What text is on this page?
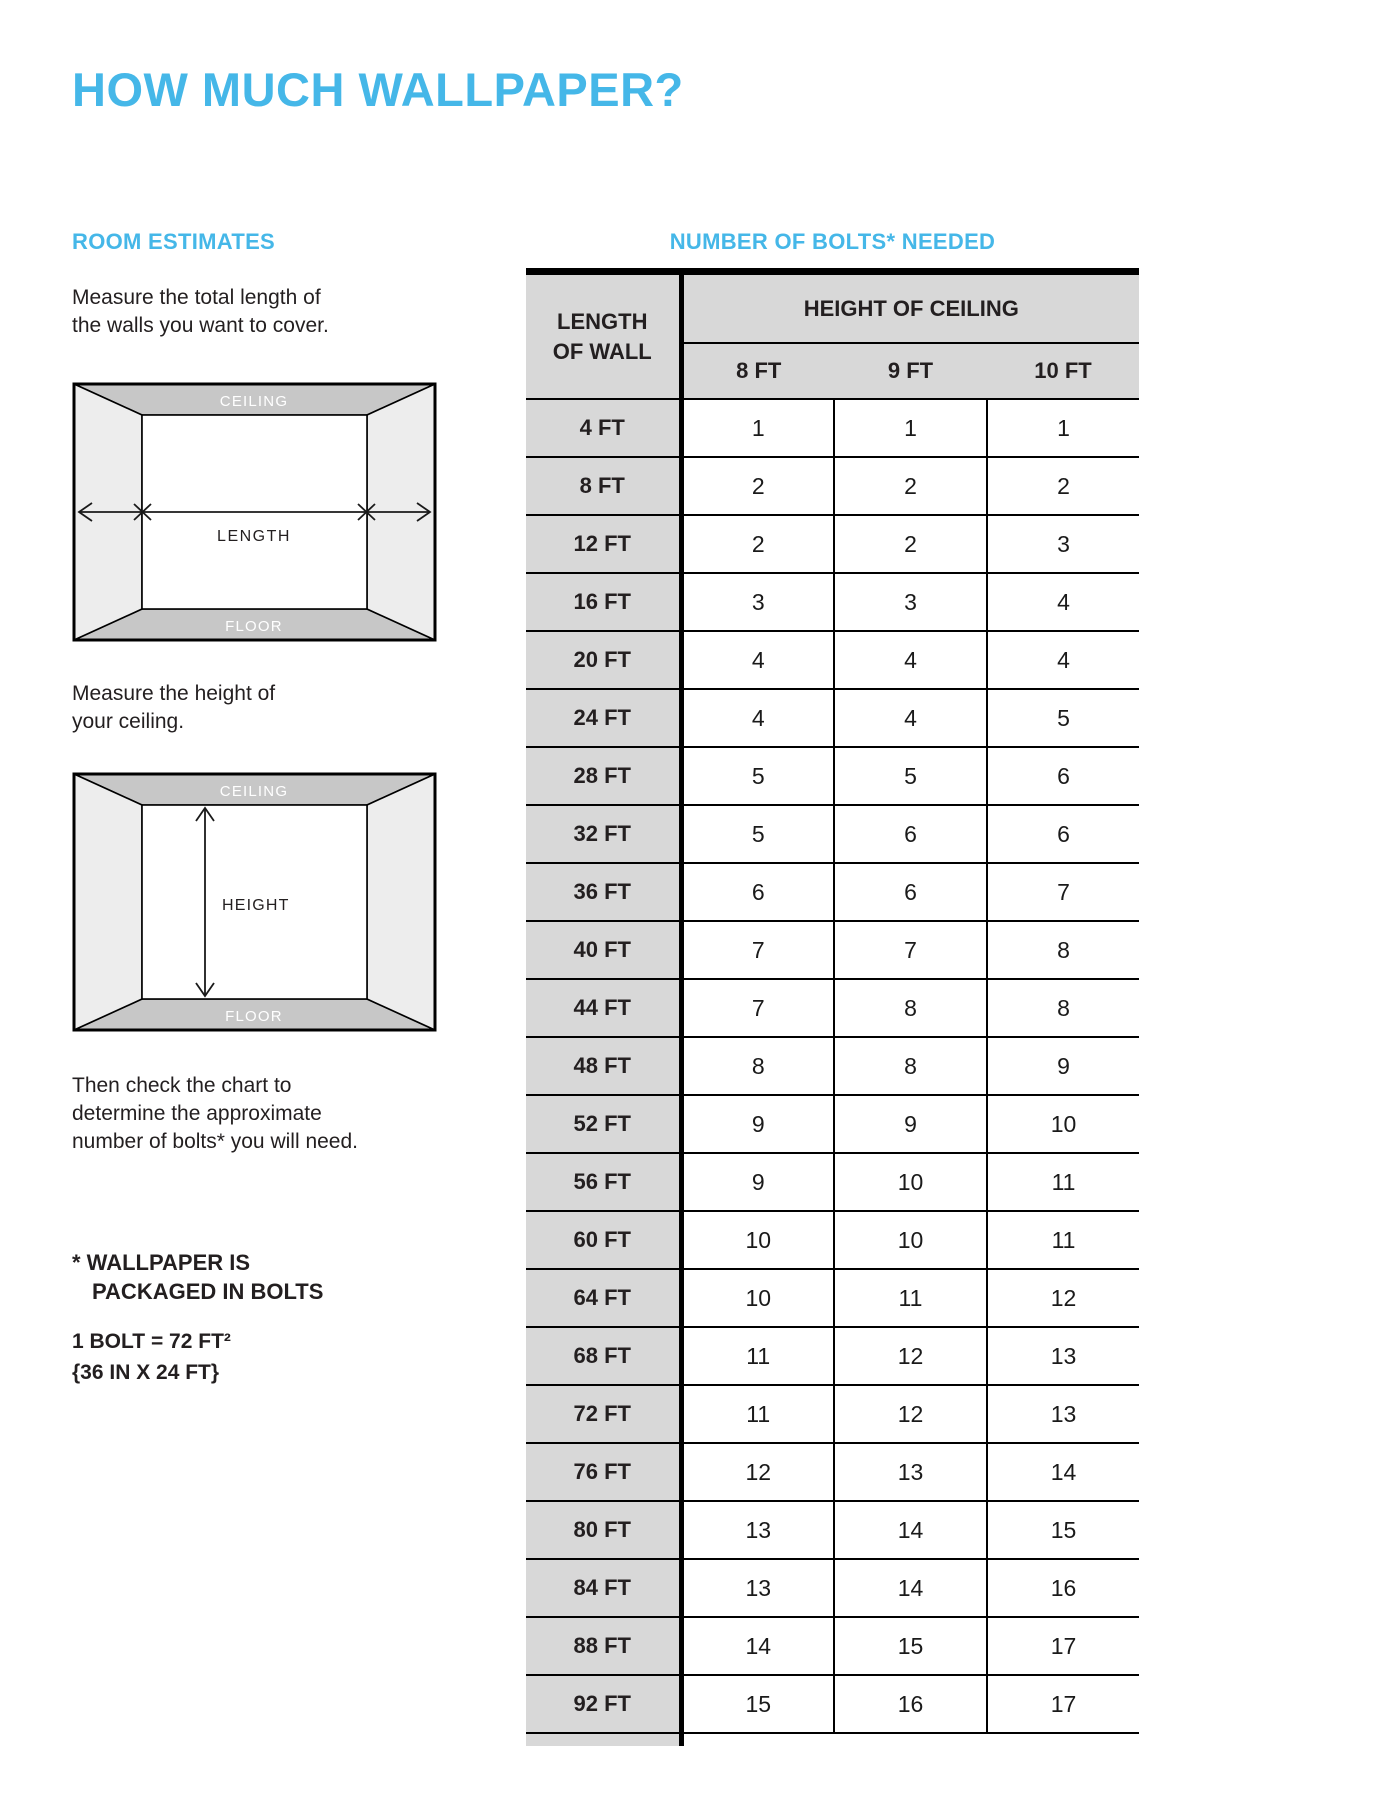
HOW MUCH WALLPAPER?
ROOM ESTIMATES
Measure the total length of
the walls you want to cover.
CEILING
LENGTH
FLOOR
Measure the height of
your ceiling.
CEILING
HEIGHT
FLOOR
Then check the chart to
determine the approximate
number of bolts* you will need.
* WALLPAPER IS
PACKAGED IN BOLTS
1 BOLT = 72 FT²
{36 IN X 24 FT}
NUMBER OF BOLTS* NEEDED
LENGTH
OF WALL	HEIGHT OF CEILING		
	8 FT	9 FT	10 FT
4 FT	1	1	1
8 FT	2	2	2
12 FT	2	2	3
16 FT	3	3	4
20 FT	4	4	4
24 FT	4	4	5
28 FT	5	5	6
32 FT	5	6	6
36 FT	6	6	7
40 FT	7	7	8
44 FT	7	8	8
48 FT	8	8	9
52 FT	9	9	10
56 FT	9	10	11
60 FT	10	10	11
64 FT	10	11	12
68 FT	11	12	13
72 FT	11	12	13
76 FT	12	13	14
80 FT	13	14	15
84 FT	13	14	16
88 FT	14	15	17
92 FT	15	16	17
